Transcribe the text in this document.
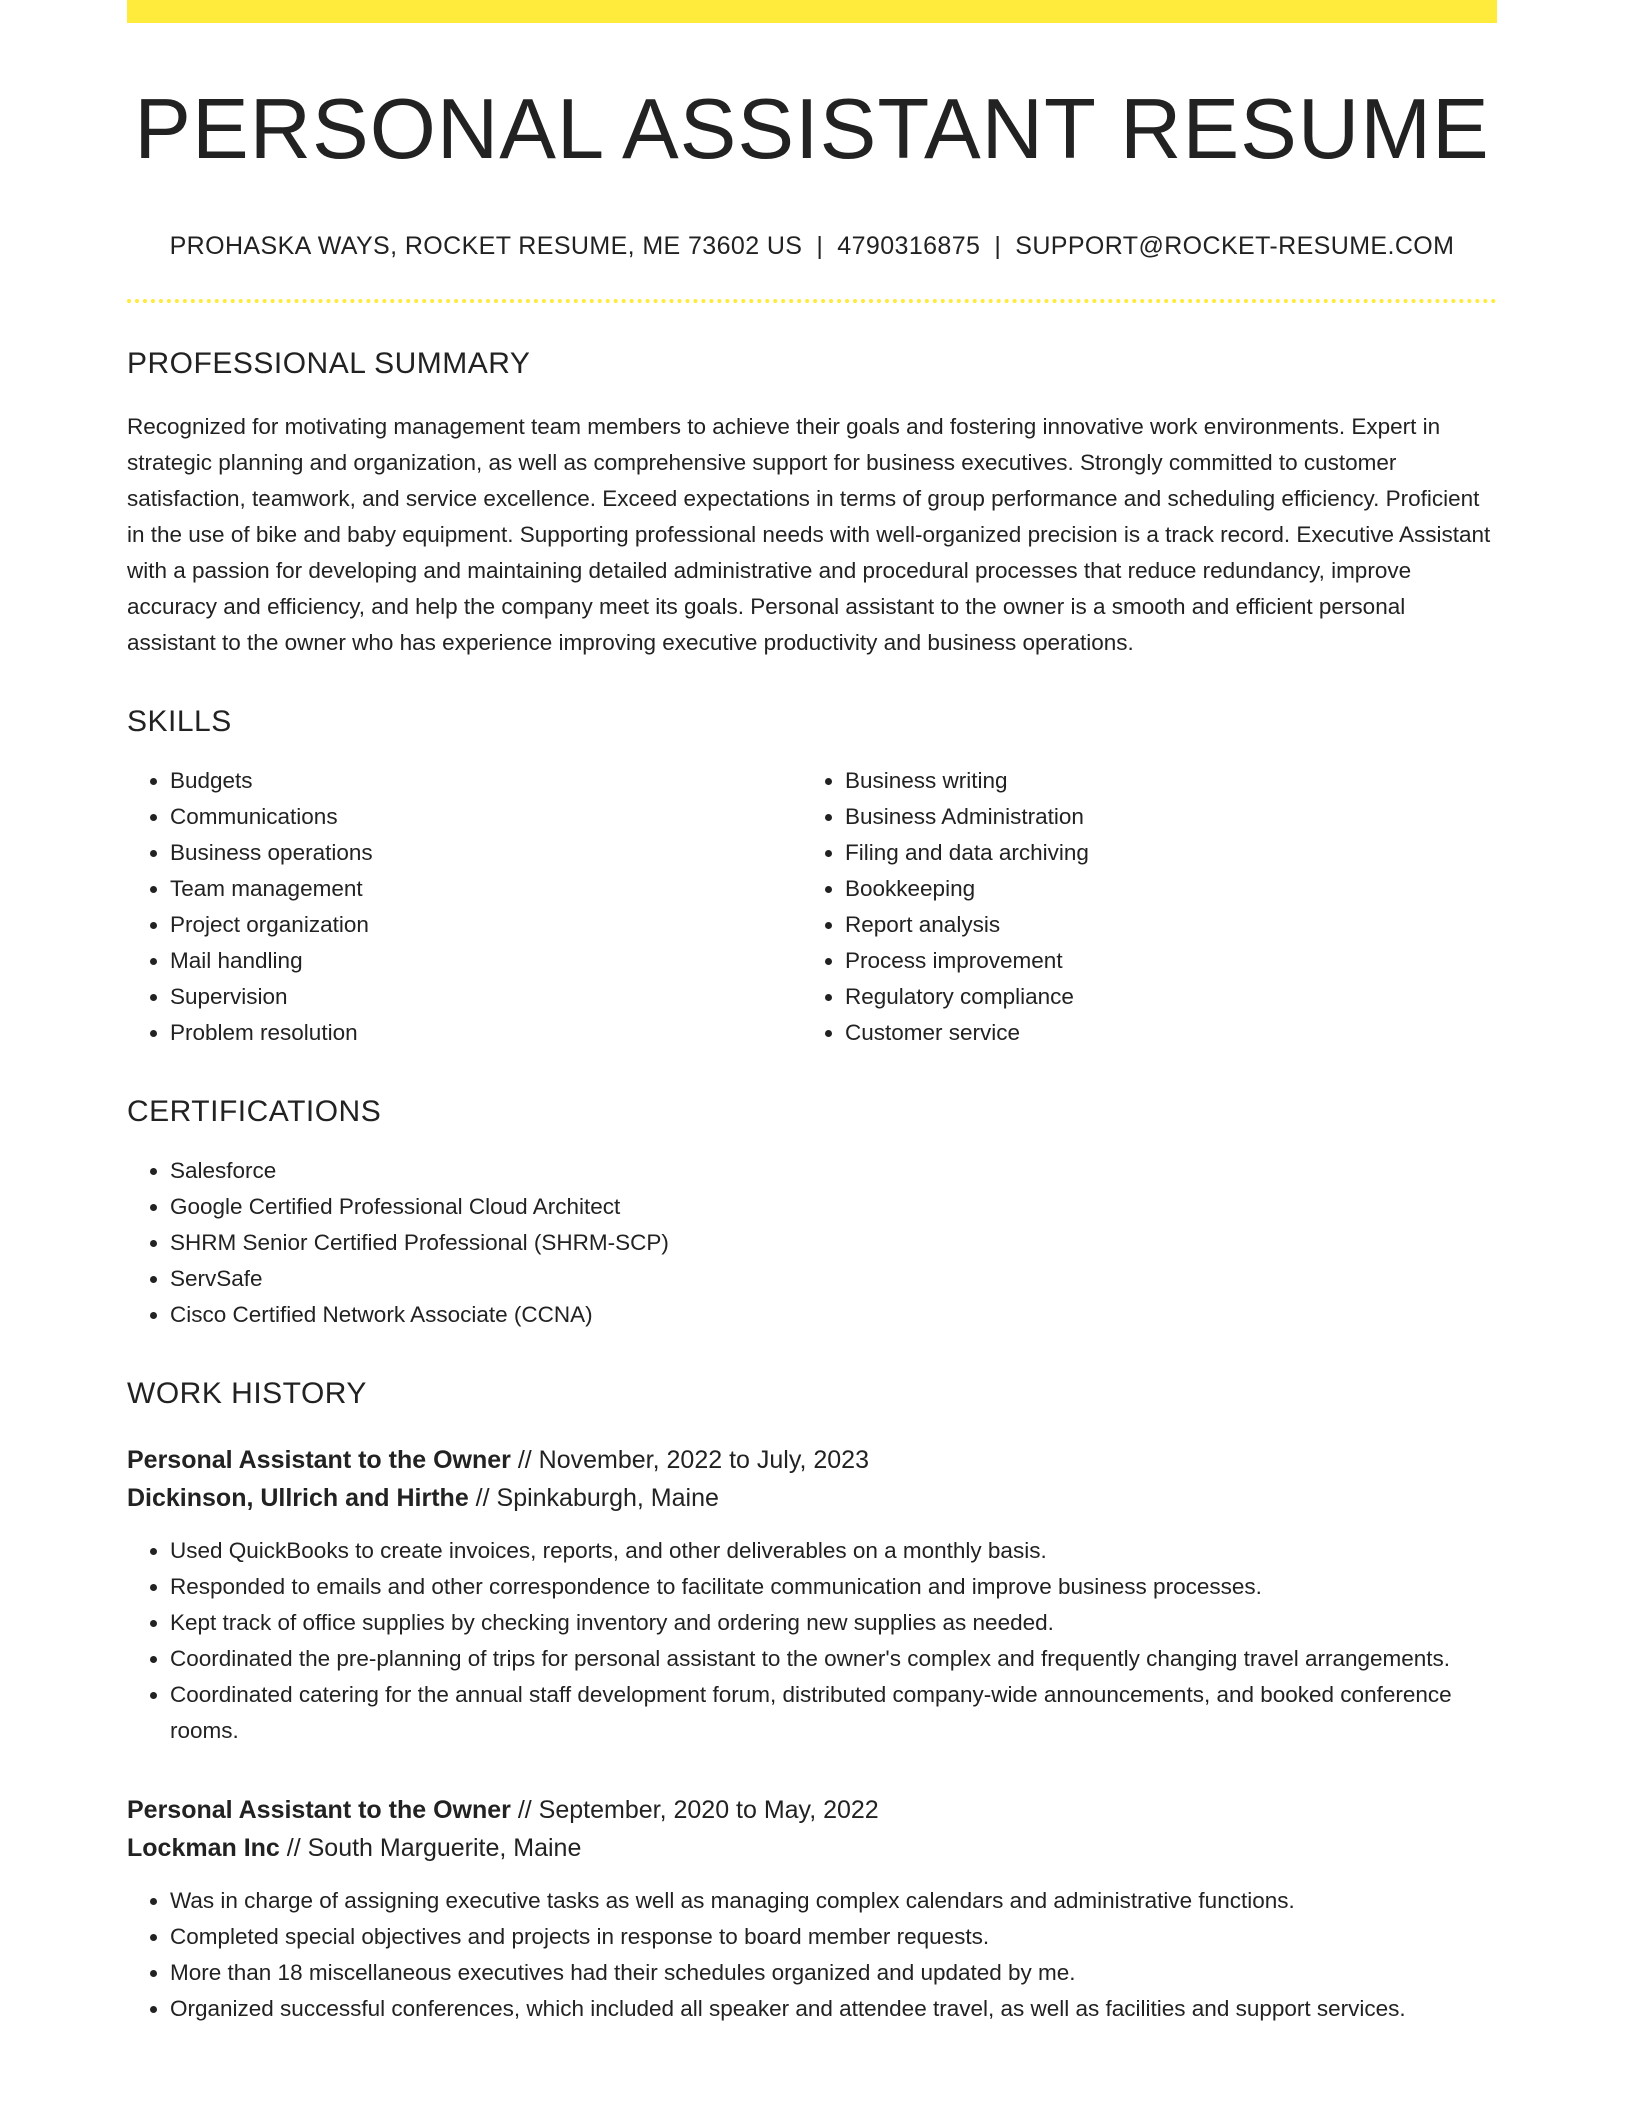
PERSONAL ASSISTANT RESUME
PROHASKA WAYS, ROCKET RESUME, ME 73602 US | 4790316875 | SUPPORT@ROCKET-RESUME.COM
PROFESSIONAL SUMMARY

Recognized for motivating management team members to achieve their goals and fostering innovative work environments. Expert in strategic planning and organization, as well as comprehensive support for business executives. Strongly committed to customer satisfaction, teamwork, and service excellence. Exceed expectations in terms of group performance and scheduling efficiency. Proficient in the use of bike and baby equipment. Supporting professional needs with well-organized precision is a track record. Executive Assistant with a passion for developing and maintaining detailed administrative and procedural processes that reduce redundancy, improve accuracy and efficiency, and help the company meet its goals. Personal assistant to the owner is a smooth and efficient personal assistant to the owner who has experience improving executive productivity and business operations.

SKILLS
• Budgets
• Communications
• Business operations
• Team management
• Project organization
• Mail handling
• Supervision
• Problem resolution
• Business writing
• Business Administration
• Filing and data archiving
• Bookkeeping
• Report analysis
• Process improvement
• Regulatory compliance
• Customer service
CERTIFICATIONS
• Salesforce
• Google Certified Professional Cloud Architect
• SHRM Senior Certified Professional (SHRM-SCP)
• ServSafe
• Cisco Certified Network Associate (CCNA)
WORK HISTORY
Personal Assistant to the Owner // November, 2022 to July, 2023
Dickinson, Ullrich and Hirthe // Spinkaburgh, Maine
• Used QuickBooks to create invoices, reports, and other deliverables on a monthly basis.
• Responded to emails and other correspondence to facilitate communication and improve business processes.
• Kept track of office supplies by checking inventory and ordering new supplies as needed.
• Coordinated the pre-planning of trips for personal assistant to the owner's complex and frequently changing travel arrangements.
• Coordinated catering for the annual staff development forum, distributed company-wide announcements, and booked conference rooms.
Personal Assistant to the Owner // September, 2020 to May, 2022
Lockman Inc // South Marguerite, Maine
• Was in charge of assigning executive tasks as well as managing complex calendars and administrative functions.
• Completed special objectives and projects in response to board member requests.
• More than 18 miscellaneous executives had their schedules organized and updated by me.
• Organized successful conferences, which included all speaker and attendee travel, as well as facilities and support services.
